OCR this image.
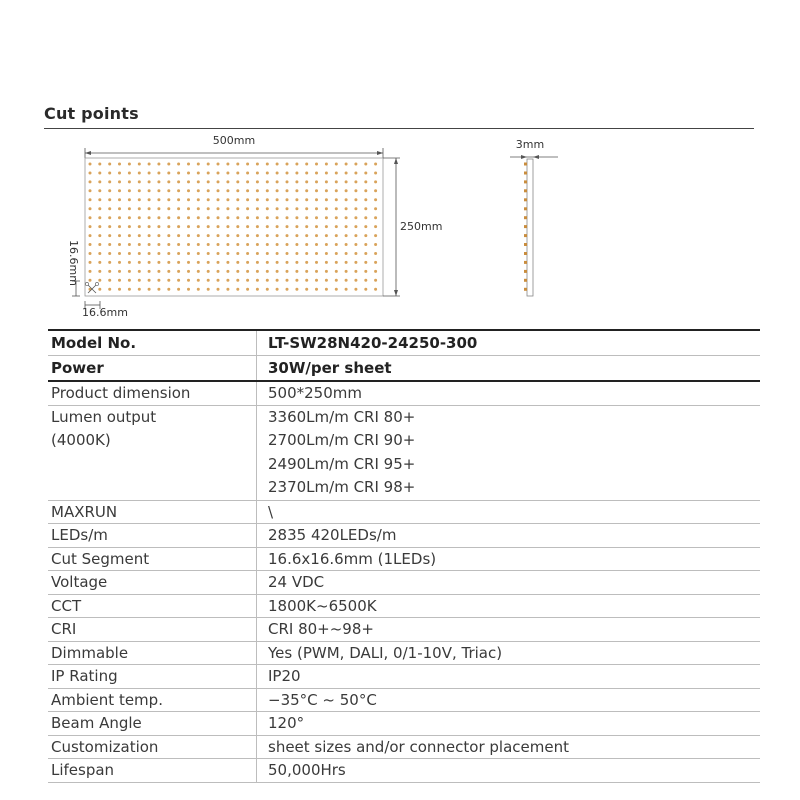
Cut points
500mm
250mm
16.6mm
16.6mm
3mm
Model No.	LT-SW28N420-24250-300
Power	30W/per sheet
Product dimension	500*250mm

Lumen output
(4000K)	3360Lm/m CRI 80+
2700Lm/m CRI 90+
2490Lm/m CRI 95+
2370Lm/m CRI 98+

MAXRUN	\
LEDs/m	2835 420LEDs/m
Cut Segment	16.6x16.6mm (1LEDs)
Voltage	24 VDC
CCT	1800K~6500K
CRI	CRI 80+~98+
Dimmable	Yes (PWM, DALI, 0/1-10V, Triac)
IP Rating	IP20
Ambient temp.	−35°C ~ 50°C
Beam Angle	120°
Customization	sheet sizes and/or connector placement
Lifespan	50,000Hrs
